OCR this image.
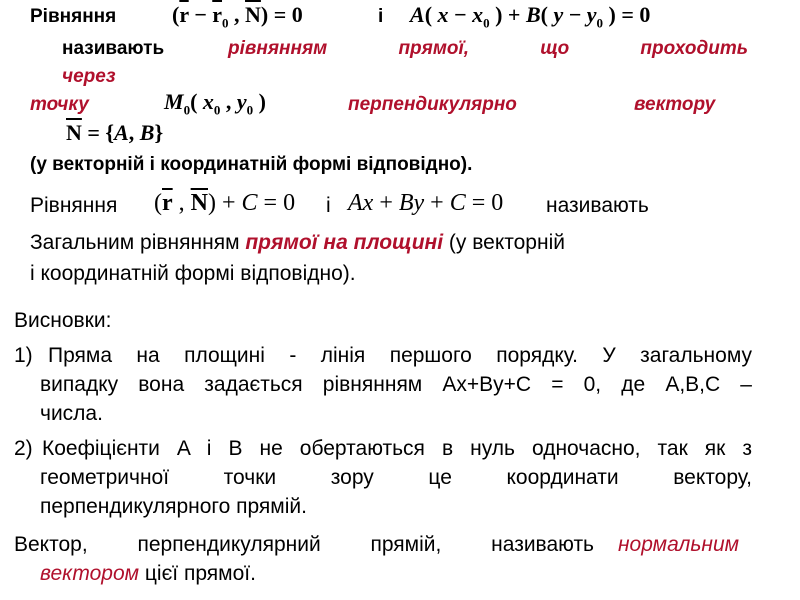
Рівняння	($\overline{r} - \overline{r}_0$ , $\overline{N}) = 0$	і A( $x - x_0$ ) + B( $y - y_0$ ) = 0
називають	рівнянням прямої, що проходить
через
точку	$M_0$( $x_0$ , $y_0$ )	перпендикулярно	вектору
$\overline{N} = \{A$, B}
(у векторній і координатній формі відповідно).
Рівняння ($\overline{r}$ , $\overline{N}) + C = 0$ і Ax + By + C = 0 називають
Загальним рівнянням прямої на площині (у векторній
і координатній формі відповідно).
Висновки:
1) Пряма на площині - лінія першого порядку. У загальному
випадку вона задається рівнянням Ax+By+C = 0, де A,B,C –
числа.
2) Коефіцієнти A і B не обертаються в нуль одночасно, так як з
геометричної точки зору це координати вектору,
перпендикулярного прямій.
Вектор, перпендикулярний прямій, називають нормальним
вектором цієї прямої.
